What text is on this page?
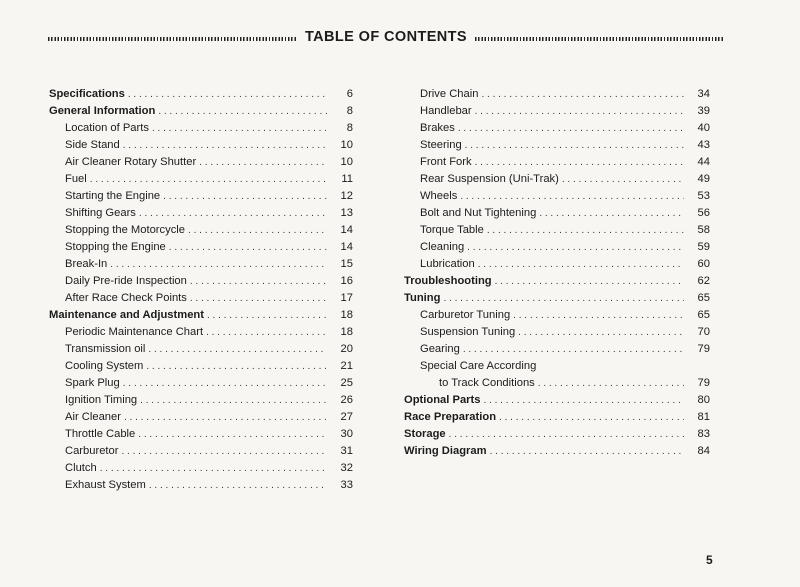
TABLE OF CONTENTS
Specifications . . .	6
General Information . . .	8
Location of Parts . . .	8
Side Stand . . .	10
Air Cleaner Rotary Shutter . . .	10
Fuel . . .	11
Starting the Engine . . .	12
Shifting Gears . . .	13
Stopping the Motorcycle . . .	14
Stopping the Engine . . .	14
Break-In . . .	15
Daily Pre-ride Inspection . . .	16
After Race Check Points . . .	17
Maintenance and Adjustment . . .	18
Periodic Maintenance Chart . . .	18
Transmission oil . . .	20
Cooling System . . .	21
Spark Plug . . .	25
Ignition Timing . . .	26
Air Cleaner . . .	27
Throttle Cable . . .	30
Carburetor . . .	31
Clutch . . .	32
Exhaust System . . .	33
Drive Chain . . .	34
Handlebar . . .	39
Brakes . . .	40
Steering . . .	43
Front Fork . . .	44
Rear Suspension (Uni-Trak) . . .	49
Wheels . . .	53
Bolt and Nut Tightening . . .	56
Torque Table . . .	58
Cleaning . . .	59
Lubrication . . .	60
Troubleshooting . . .	62
Tuning . . .	65
Carburetor Tuning . . .	65
Suspension Tuning . . .	70
Gearing . . .	79
Special Care According
to Track Conditions . . .	79
Optional Parts . . .	80
Race Preparation . . .	81
Storage . . .	83
Wiring Diagram . . .	84
5
